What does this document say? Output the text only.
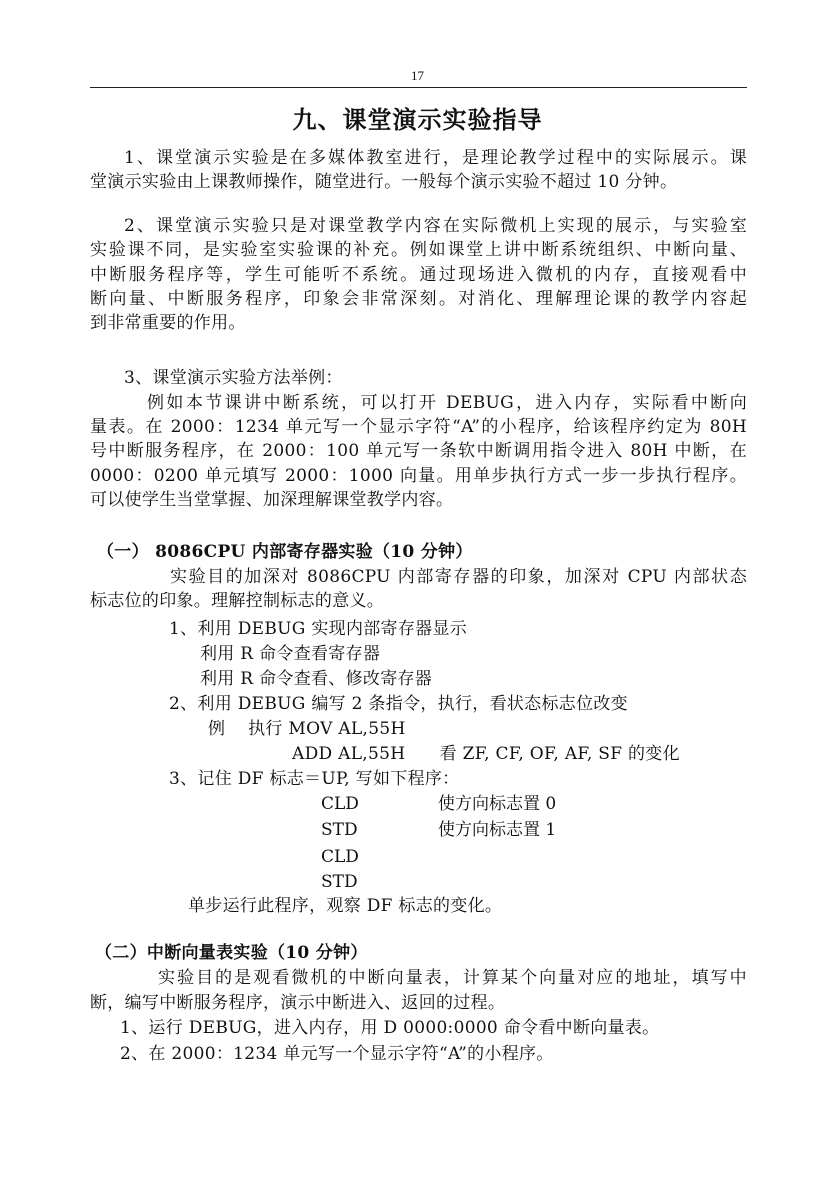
17
九、课堂演示实验指导
1、课堂演示实验是在多媒体教室进行，是理论教学过程中的实际展示。课
堂演示实验由上课教师操作，随堂进行。一般每个演示实验不超过 10 分钟。
2、课堂演示实验只是对课堂教学内容在实际微机上实现的展示，与实验室
实验课不同，是实验室实验课的补充。例如课堂上讲中断系统组织、中断向量、
中断服务程序等，学生可能听不系统。通过现场进入微机的内存，直接观看中
断向量、中断服务程序，印象会非常深刻。对消化、理解理论课的教学内容起
到非常重要的作用。
3、课堂演示实验方法举例：
例如本节课讲中断系统，可以打开 DEBUG，进入内存，实际看中断向
量表。在 2000：1234 单元写一个显示字符“A”的小程序，给该程序约定为 80H
号中断服务程序，在 2000：100 单元写一条软中断调用指令进入 80H 中断，在
0000：0200 单元填写 2000：1000 向量。用单步执行方式一步一步执行程序。
可以使学生当堂掌握、加深理解课堂教学内容。
（一） 8086CPU 内部寄存器实验（10 分钟）
实验目的加深对 8086CPU 内部寄存器的印象，加深对 CPU 内部状态
标志位的印象。理解控制标志的意义。
1、利用 DEBUG 实现内部寄存器显示
利用 R 命令查看寄存器
利用 R 命令查看、修改寄存器
2、利用 DEBUG 编写 2 条指令，执行，看状态标志位改变
例    执行 MOV AL,55H
ADD AL,55H      看 ZF, CF, OF, AF, SF 的变化
3、记住 DF 标志＝UP, 写如下程序：
CLD	使方向标志置 0
STD	使方向标志置 1
CLD
STD
单步运行此程序，观察 DF 标志的变化。
（二）中断向量表实验（10 分钟）
实验目的是观看微机的中断向量表，计算某个向量对应的地址，填写中
断，编写中断服务程序，演示中断进入、返回的过程。
1、运行 DEBUG，进入内存，用 D 0000:0000 命令看中断向量表。
2、在 2000：1234 单元写一个显示字符“A”的小程序。
